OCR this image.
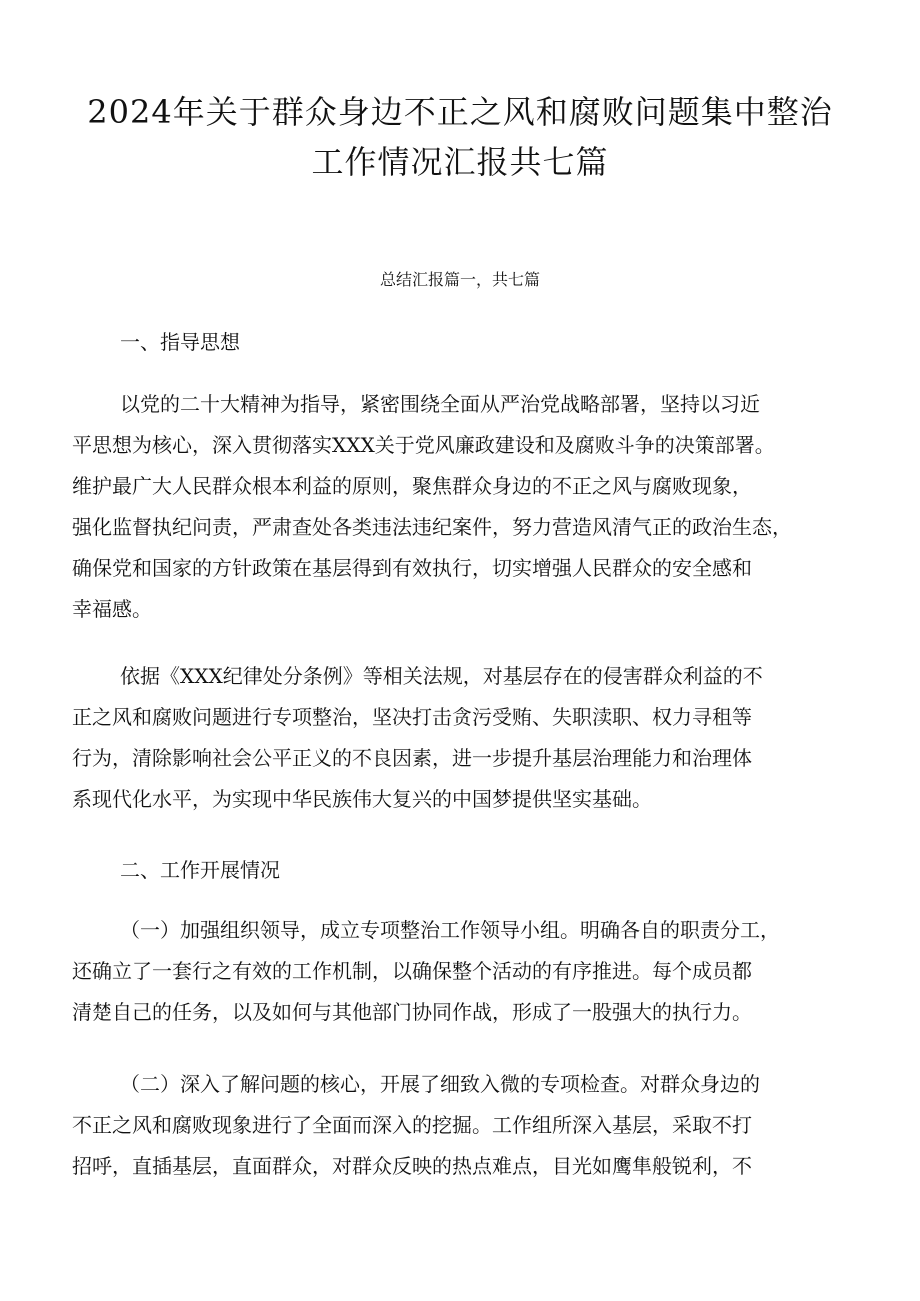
2024年关于群众身边不正之风和腐败问题集中整治
工作情况汇报共七篇
总结汇报篇一，共七篇
一、指导思想
以党的二十大精神为指导，紧密围绕全面从严治党战略部署，坚持以习近
平思想为核心，深入贯彻落实XXX关于党风廉政建设和及腐败斗争的决策部署。
维护最广大人民群众根本利益的原则，聚焦群众身边的不正之风与腐败现象，
强化监督执纪问责，严肃查处各类违法违纪案件，努力营造风清气正的政治生态，
确保党和国家的方针政策在基层得到有效执行，切实增强人民群众的安全感和
幸福感。
依据《XXX纪律处分条例》等相关法规，对基层存在的侵害群众利益的不
正之风和腐败问题进行专项整治，坚决打击贪污受贿、失职渎职、权力寻租等
行为，清除影响社会公平正义的不良因素，进一步提升基层治理能力和治理体
系现代化水平，为实现中华民族伟大复兴的中国梦提供坚实基础。
二、工作开展情况
（一）加强组织领导，成立专项整治工作领导小组。明确各自的职责分工，
还确立了一套行之有效的工作机制，以确保整个活动的有序推进。每个成员都
清楚自己的任务，以及如何与其他部门协同作战，形成了一股强大的执行力。
（二）深入了解问题的核心，开展了细致入微的专项检查。对群众身边的
不正之风和腐败现象进行了全面而深入的挖掘。工作组所深入基层，采取不打
招呼，直插基层，直面群众，对群众反映的热点难点，目光如鹰隼般锐利，不
